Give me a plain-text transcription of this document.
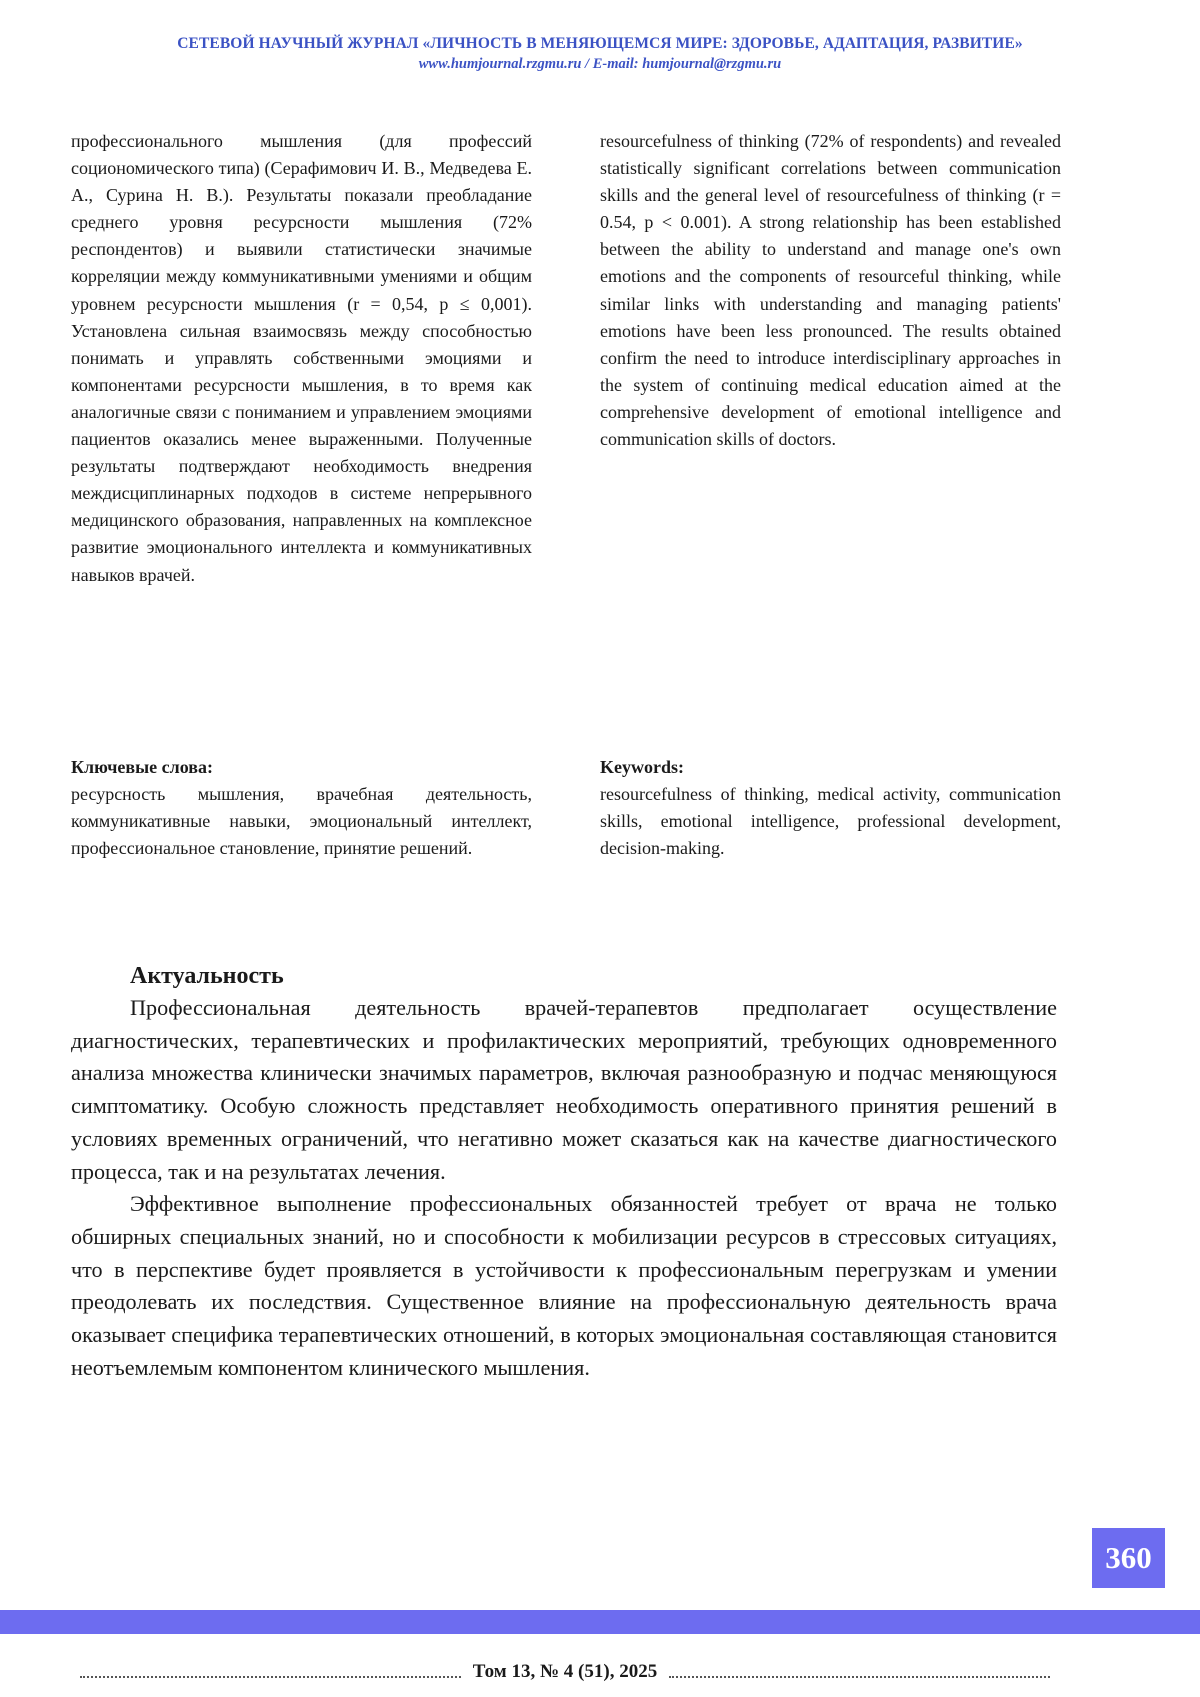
СЕТЕВОЙ НАУЧНЫЙ ЖУРНАЛ «ЛИЧНОСТЬ В МЕНЯЮЩЕМСЯ МИРЕ: ЗДОРОВЬЕ, АДАПТАЦИЯ, РАЗВИТИЕ»
www.humjournal.rzgmu.ru / E-mail: humjournal@rzgmu.ru
профессионального мышления (для профессий социономического типа) (Серафимович И. В., Медведева Е. А., Сурина Н. В.). Результаты показали преобладание среднего уровня ресурсности мышления (72% респондентов) и выявили статистически значимые корреляции между коммуникативными умениями и общим уровнем ресурсности мышления (r = 0,54, p ≤ 0,001). Установлена сильная взаимосвязь между способностью понимать и управлять собственными эмоциями и компонентами ресурсности мышления, в то время как аналогичные связи с пониманием и управлением эмоциями пациентов оказались менее выраженными. Полученные результаты подтверждают необходимость внедрения междисциплинарных подходов в системе непрерывного медицинского образования, направленных на комплексное развитие эмоционального интеллекта и коммуникативных навыков врачей.
resourcefulness of thinking (72% of respondents) and revealed statistically significant correlations between communication skills and the general level of resourcefulness of thinking (r = 0.54, p < 0.001). A strong relationship has been established between the ability to understand and manage one's own emotions and the components of resourceful thinking, while similar links with understanding and managing patients' emotions have been less pronounced. The results obtained confirm the need to introduce interdisciplinary approaches in the system of continuing medical education aimed at the comprehensive development of emotional intelligence and communication skills of doctors.
Ключевые слова:
ресурсность мышления, врачебная деятельность, коммуникативные навыки, эмоциональный интеллект, профессиональное становление, принятие решений.
Keywords:
resourcefulness of thinking, medical activity, communication skills, emotional intelligence, professional development, decision-making.
Актуальность

Профессиональная деятельность врачей-терапевтов предполагает осуществление диагностических, терапевтических и профилактических мероприятий, требующих одновременного анализа множества клинически значимых параметров, включая разнообразную и подчас меняющуюся симптоматику. Особую сложность представляет необходимость оперативного принятия решений в условиях временных ограничений, что негативно может сказаться как на качестве диагностического процесса, так и на результатах лечения.

Эффективное выполнение профессиональных обязанностей требует от врача не только обширных специальных знаний, но и способности к мобилизации ресурсов в стрессовых ситуациях, что в перспективе будет проявляется в устойчивости к профессиональным перегрузкам и умении преодолевать их последствия. Существенное влияние на профессиональную деятельность врача оказывает специфика терапевтических отношений, в которых эмоциональная составляющая становится неотъемлемым компонентом клинического мышления.

360
Том 13, № 4 (51), 2025
